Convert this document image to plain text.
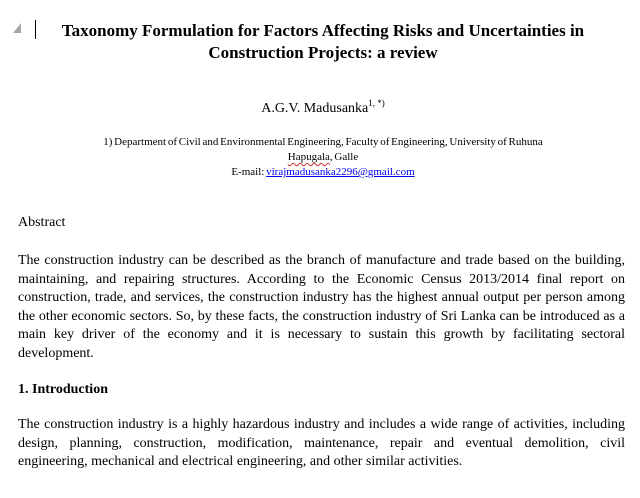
Taxonomy Formulation for Factors Affecting Risks and Uncertainties in
Construction Projects: a review
A.G.V. Madusanka$^{1, *)}$
1) Department of Civil and Environmental Engineering, Faculty of Engineering, University of Ruhuna
Hapugala, Galle
E-mail: virajmadusanka2296@gmail.com
Abstract
The construction industry can be described as the branch of manufacture and trade based on the building, maintaining, and repairing structures. According to the Economic Census 2013/2014 final report on construction, trade, and services, the construction industry has the highest annual output per person among the other economic sectors. So, by these facts, the construction industry of Sri Lanka can be introduced as a main key driver of the economy and it is necessary to sustain this growth by facilitating sectoral development.
1. Introduction
The construction industry is a highly hazardous industry and includes a wide range of activities, including design, planning, construction, modification, maintenance, repair and eventual demolition, civil engineering, mechanical and electrical engineering, and other similar activities.
